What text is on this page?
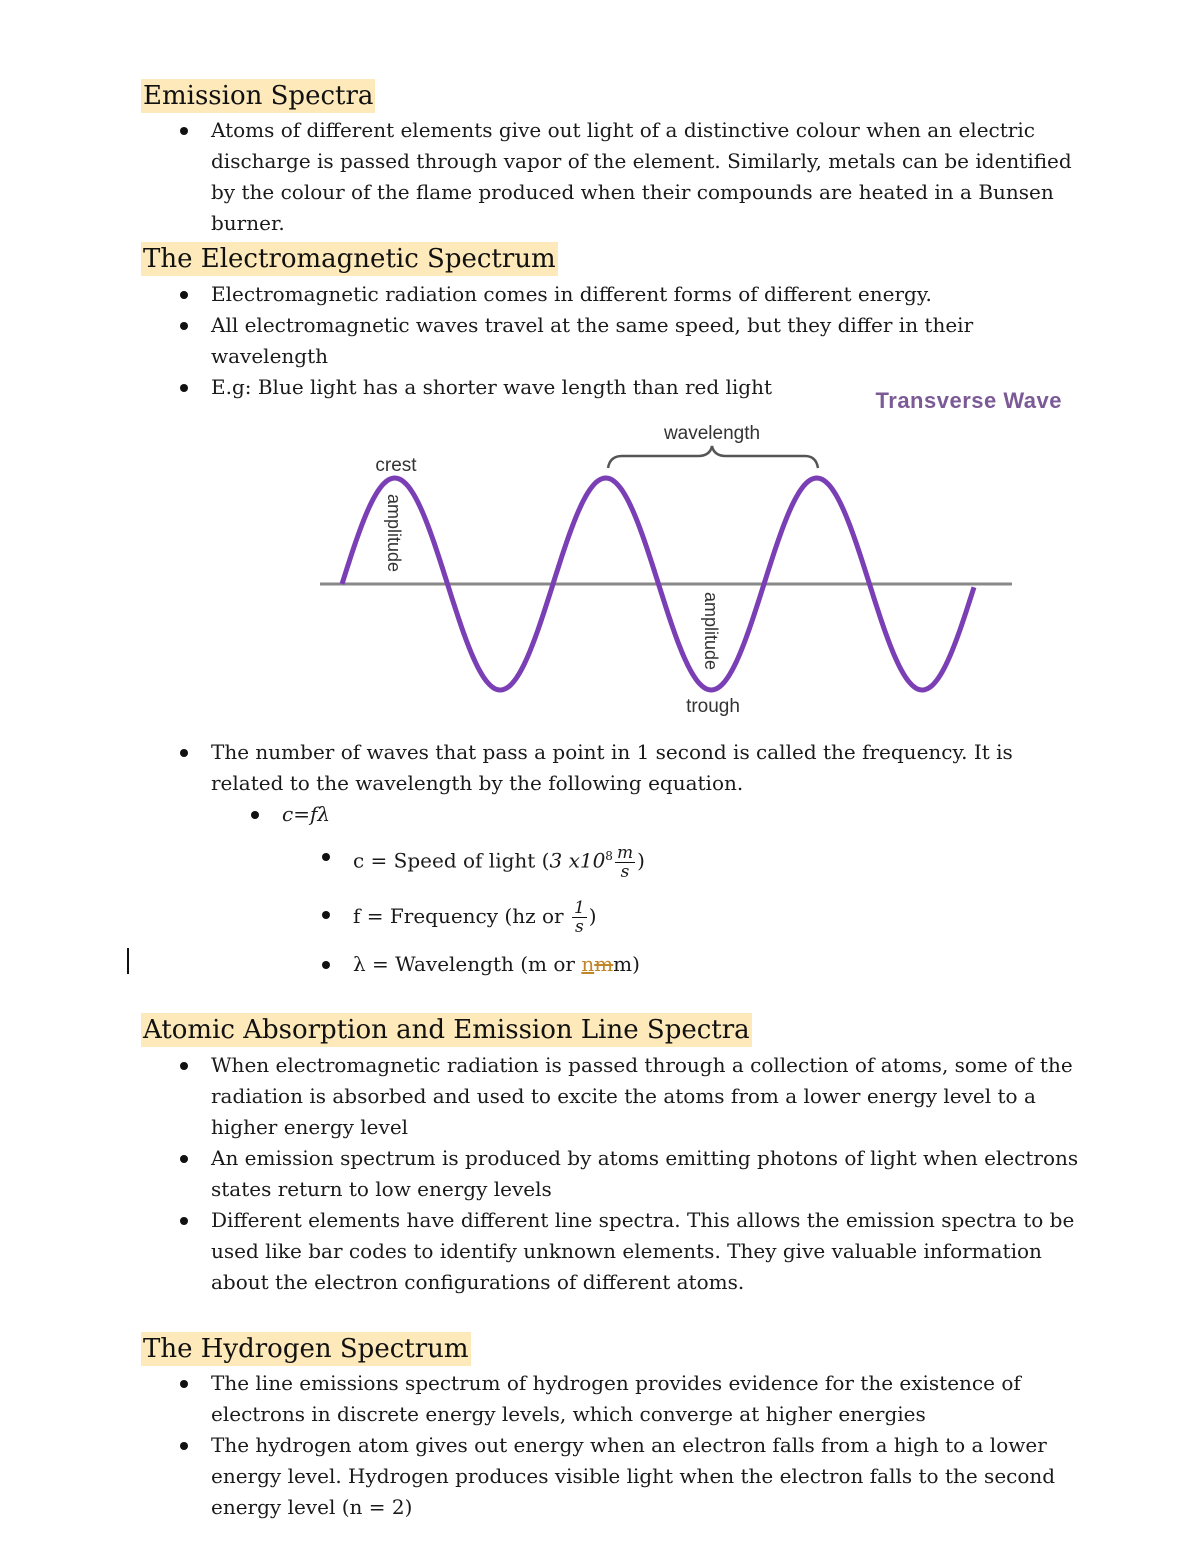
Emission Spectra
Atoms of different elements give out light of a distinctive colour when an electric discharge is passed through vapor of the element. Similarly, metals can be identified by the colour of the flame produced when their compounds are heated in a Bunsen burner.
The Electromagnetic Spectrum
Electromagnetic radiation comes in different forms of different energy.
All electromagnetic waves travel at the same speed, but they differ in their wavelength
E.g: Blue light has a shorter wave length than red light
Transverse Wave
wavelength
crest
trough
amplitude
amplitude
The number of waves that pass a point in 1 second is called the frequency. It is related to the wavelength by the following equation.
c=fλ
c = Speed of light (3 $x10^8 \frac{m}{s}$ )
f = Frequency (hz or $\frac{1}{s}$ )
λ = Wavelength (m or nmm)
Atomic Absorption and Emission Line Spectra
When electromagnetic radiation is passed through a collection of atoms, some of the radiation is absorbed and used to excite the atoms from a lower energy level to a higher energy level
An emission spectrum is produced by atoms emitting photons of light when electrons states return to low energy levels
Different elements have different line spectra. This allows the emission spectra to be used like bar codes to identify unknown elements. They give valuable information about the electron configurations of different atoms.
The Hydrogen Spectrum
The line emissions spectrum of hydrogen provides evidence for the existence of electrons in discrete energy levels, which converge at higher energies
The hydrogen atom gives out energy when an electron falls from a high to a lower energy level. Hydrogen produces visible light when the electron falls to the second energy level (n = 2)
